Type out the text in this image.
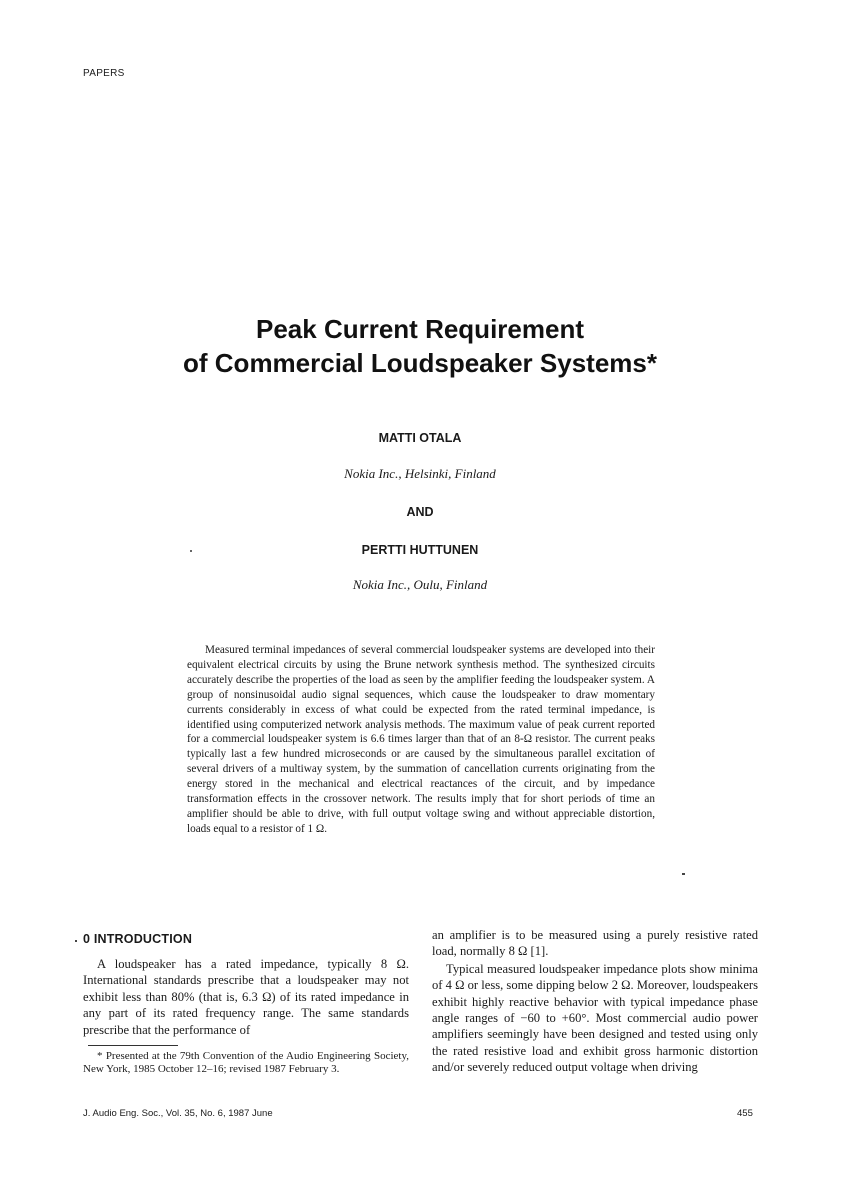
PAPERS
Peak Current Requirement
of Commercial Loudspeaker Systems*
MATTI OTALA
Nokia Inc., Helsinki, Finland
AND
PERTTI HUTTUNEN
Nokia Inc., Oulu, Finland
Measured terminal impedances of several commercial loudspeaker systems are developed into their equivalent electrical circuits by using the Brune network synthesis method. The synthesized circuits accurately describe the properties of the load as seen by the amplifier feeding the loudspeaker system. A group of nonsinusoidal audio signal sequences, which cause the loudspeaker to draw momentary currents considerably in excess of what could be expected from the rated terminal impedance, is identified using computerized network analysis methods. The maximum value of peak current reported for a commercial loudspeaker system is 6.6 times larger than that of an 8-Ω resistor. The current peaks typically last a few hundred microseconds or are caused by the simultaneous parallel excitation of several drivers of a multiway system, by the summation of cancellation currents originating from the energy stored in the mechanical and electrical reactances of the circuit, and by impedance transformation effects in the crossover network. The results imply that for short periods of time an amplifier should be able to drive, with full output voltage swing and without appreciable distortion, loads equal to a resistor of 1 Ω.
0 INTRODUCTION

A loudspeaker has a rated impedance, typically 8 Ω. International standards prescribe that a loudspeaker may not exhibit less than 80% (that is, 6.3 Ω) of its rated impedance in any part of its rated frequency range. The same standards prescribe that the performance of

an amplifier is to be measured using a purely resistive rated load, normally 8 Ω [1].

Typical measured loudspeaker impedance plots show minima of 4 Ω or less, some dipping below 2 Ω. Moreover, loudspeakers exhibit highly reactive behavior with typical impedance phase angle ranges of −60 to +60°. Most commercial audio power amplifiers seemingly have been designed and tested using only the rated resistive load and exhibit gross harmonic distortion and/or severely reduced output voltage when driving

* Presented at the 79th Convention of the Audio Engineering Society, New York, 1985 October 12–16; revised 1987 February 3.
J. Audio Eng. Soc., Vol. 35, No. 6, 1987 June	455
